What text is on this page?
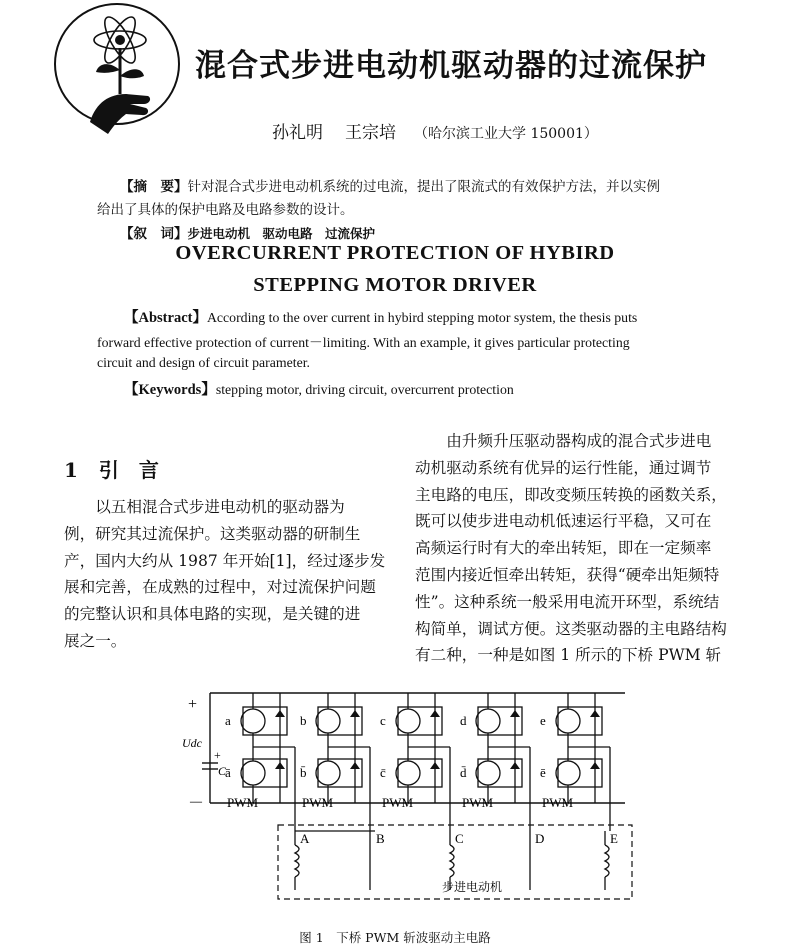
混合式步进电动机驱动器的过流保护
孙礼明 王宗培 （哈尔滨工业大学 150001）
【摘　要】针对混合式步进电动机系统的过电流，提出了限流式的有效保护方法，并以实例
给出了具体的保护电路及电路参数的设计。
【叙　词】步进电动机　驱动电路　过流保护
OVERCURRENT PROTECTION OF HYBIRD
STEPPING MOTOR DRIVER
【Abstract】According to the over current in hybird stepping motor system, the thesis puts
forward effective protection of current－limiting. With an example, it gives particular protecting
circuit and design of circuit parameter.
【Keywords】stepping motor, driving circuit, overcurrent protection
1 引　言
　　以五相混合式步进电动机的驱动器为
例，研究其过流保护。这类驱动器的研制生
产，国内大约从 1987 年开始[1]，经过逐步发
展和完善，在成熟的过程中，对过流保护问题
的完整认识和具体电路的实现，是关键的进
展之一。
　　由升频升压驱动器构成的混合式步进电
动机驱动系统有优异的运行性能，通过调节
主电路的电压，即改变频压转换的函数关系，
既可以使步进电动机低速运行平稳，又可在
高频运行时有大的牵出转矩，即在一定频率
范围内接近恒牵出转矩，获得“硬牵出矩频特
性”。这种系统一般采用电流开环型，系统结
构简单，调试方便。这类驱动器的主电路结构
有二种，一种是如图 1 所示的下桥 PWM 斩
+
－
Udc
+
C
a
ā
PWM
b
b̄
PWM
c
c̄
PWM
d
d̄
PWM
e
ē
PWM
A	B	C	D	E
步进电动机
图 1　下桥 PWM 斩波驱动主电路
